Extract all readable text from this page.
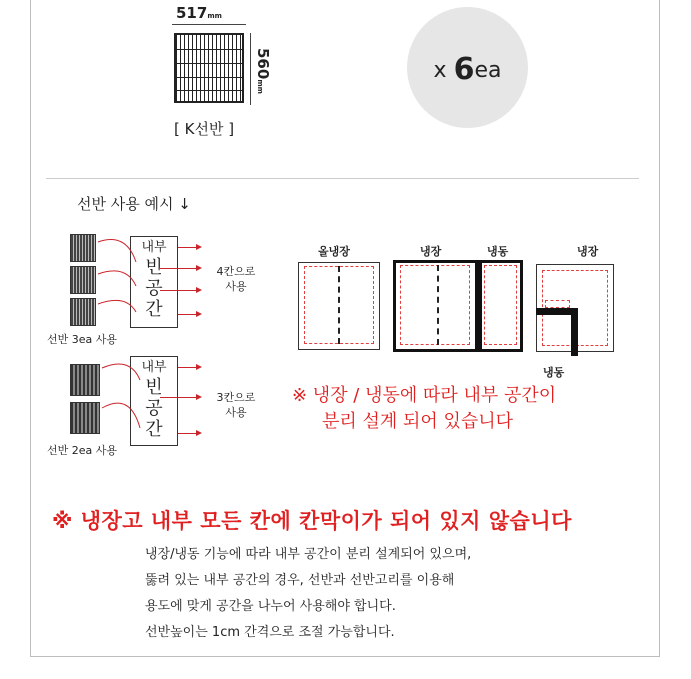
517mm
560mm
[ K선반 ]
x 6ea
선반 사용 예시 ↓
내부
빈
공
간
4칸으로
사용
선반 3ea 사용
내부
빈
공
간
3칸으로
사용
선반 2ea 사용
올냉장	냉장	냉동	냉장
냉동
※ 냉장 / 냉동에 따라 내부 공간이
분리 설계 되어 있습니다
※ 냉장고 내부 모든 칸에 칸막이가 되어 있지 않습니다
냉장/냉동 기능에 따라 내부 공간이 분리 설계되어 있으며,
뚫려 있는 내부 공간의 경우, 선반과 선반고리를 이용해
용도에 맞게 공간을 나누어 사용해야 합니다.
선반높이는 1cm 간격으로 조절 가능합니다.
